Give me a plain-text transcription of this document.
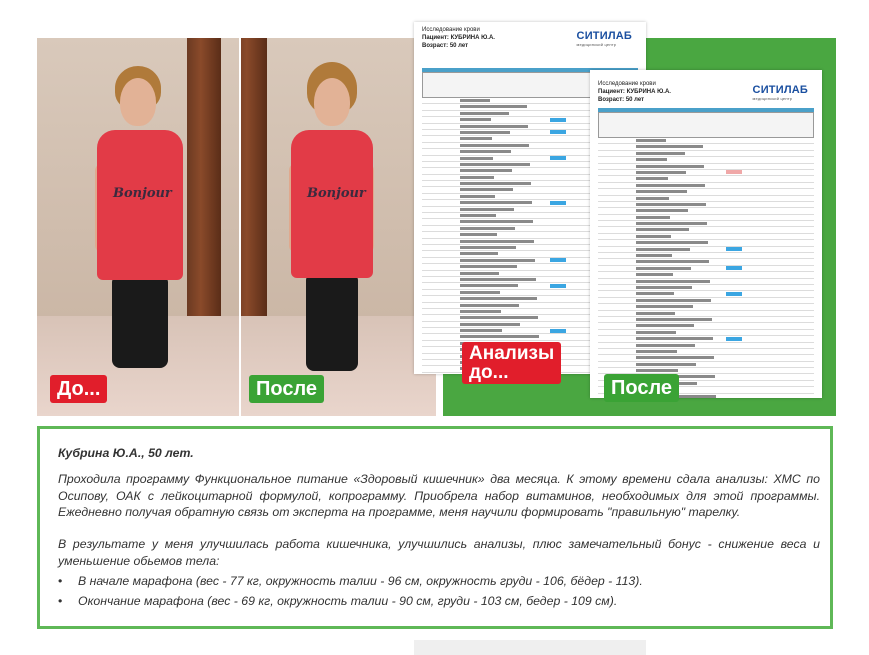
Bonjour
До...
Bonjour
После
Исследование крови
Пациент: КУБРИНА Ю.А.
Возраст: 50 лет
СИТИЛАБ
медицинский центр
Анализы
до...
Исследование крови
Пациент: КУБРИНА Ю.А.
Возраст: 50 лет
СИТИЛАБ
медицинский центр
После
Кубрина Ю.А., 50 лет.
Проходила программу Функциональное питание «Здоровый кишечник» два месяца. К этому времени сдала анализы: ХМС по Осипову, ОАК с лейкоцитарной формулой, копрограмму. Приобрела набор витаминов, необходимых для этой программы. Ежедневно получая обратную связь от эксперта на программе, меня научили формировать "правильную" тарелку.
В результате у меня улучшилась работа кишечника, улучшились анализы, плюс замечательный бонус - снижение веса и уменьшение обьемов тела:
• В начале марафона (вес - 77 кг, окружность талии - 96 см, окружность груди - 106, бёдер - 113).
• Окончание марафона (вес - 69 кг, окружность талии - 90 см, груди - 103 см, бедер - 109 см).
